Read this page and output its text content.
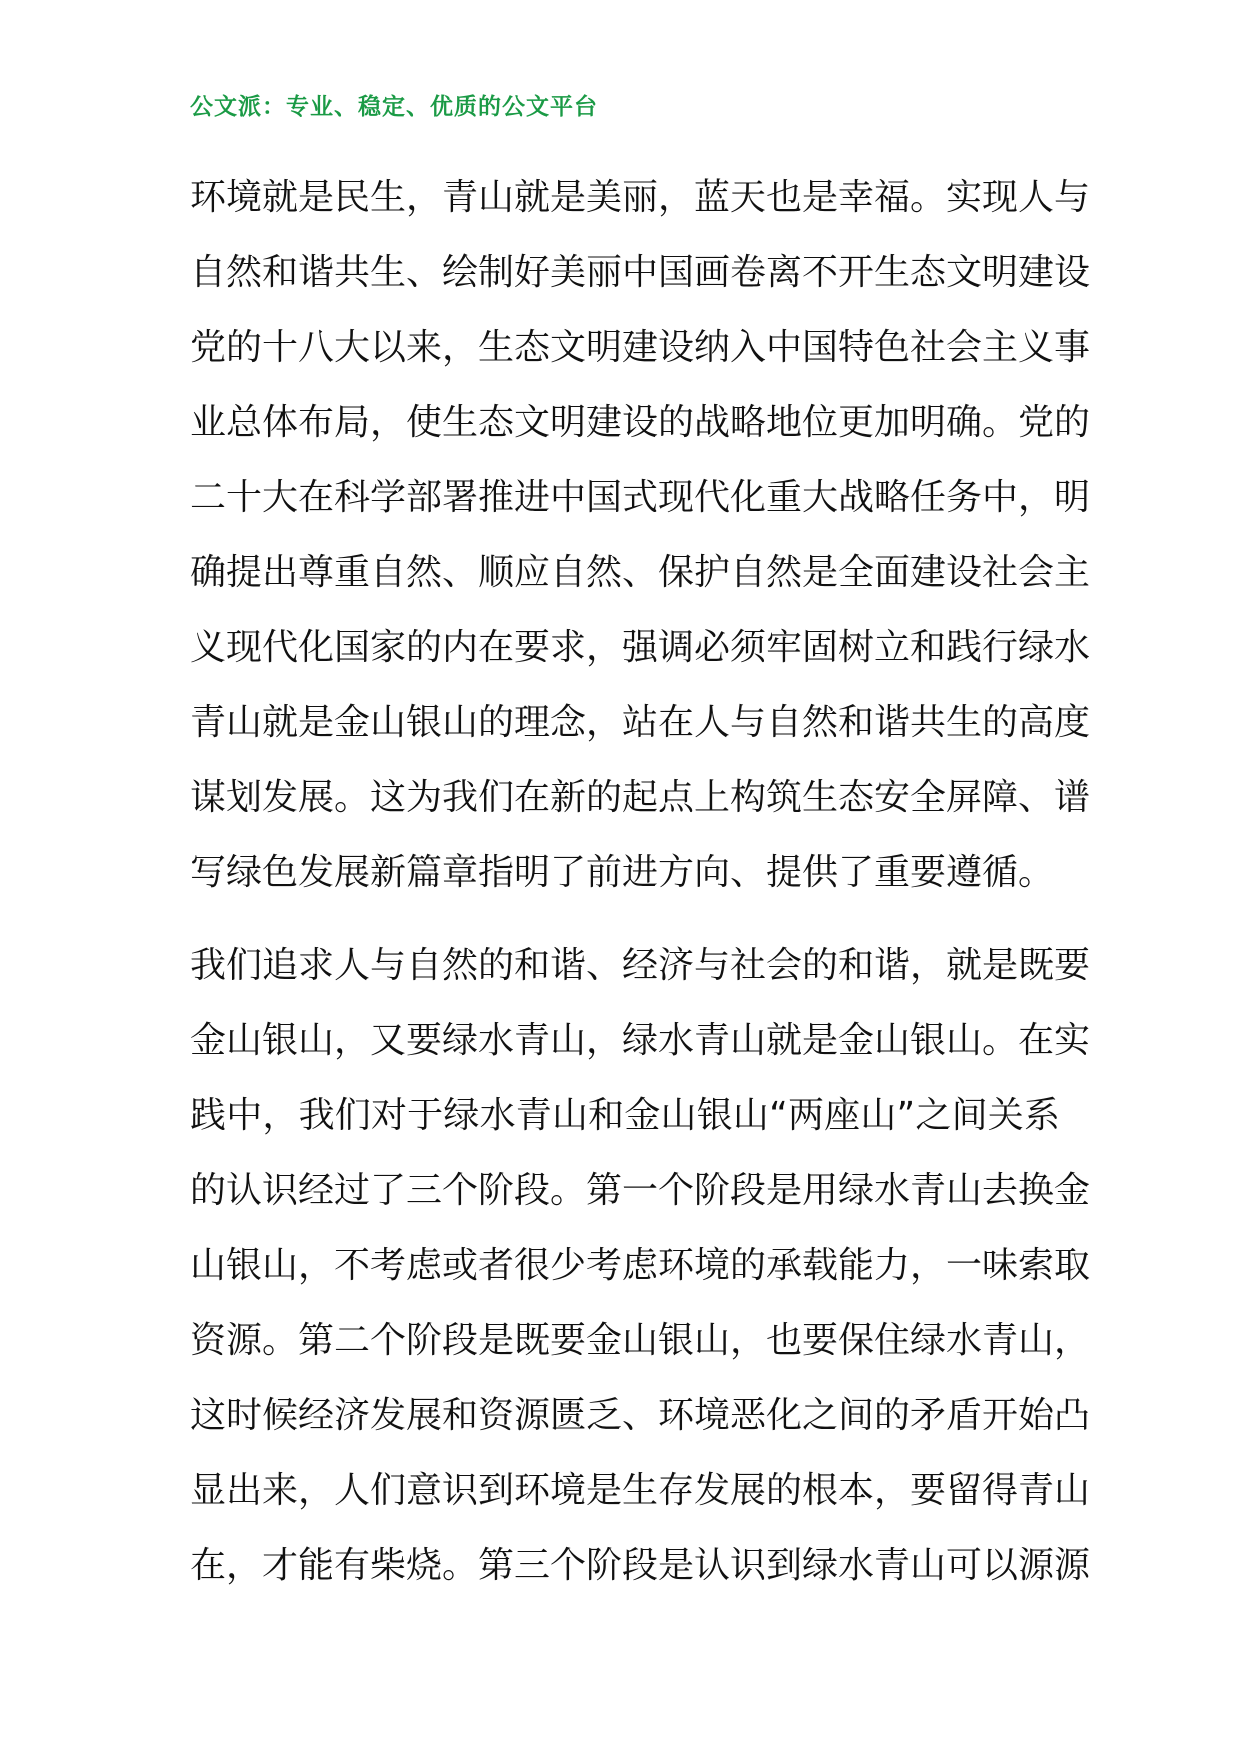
公文派：专业、稳定、优质的公文平台
环境就是民生，青山就是美丽，蓝天也是幸福。实现人与
自然和谐共生、绘制好美丽中国画卷离不开生态文明建设
党的十八大以来，生态文明建设纳入中国特色社会主义事
业总体布局，使生态文明建设的战略地位更加明确。党的
二十大在科学部署推进中国式现代化重大战略任务中，明
确提出尊重自然、顺应自然、保护自然是全面建设社会主
义现代化国家的内在要求，强调必须牢固树立和践行绿水
青山就是金山银山的理念，站在人与自然和谐共生的高度
谋划发展。这为我们在新的起点上构筑生态安全屏障、谱
写绿色发展新篇章指明了前进方向、提供了重要遵循。
我们追求人与自然的和谐、经济与社会的和谐，就是既要
金山银山，又要绿水青山，绿水青山就是金山银山。在实
践中，我们对于绿水青山和金山银山“两座山”之间关系
的认识经过了三个阶段。第一个阶段是用绿水青山去换金
山银山，不考虑或者很少考虑环境的承载能力，一味索取
资源。第二个阶段是既要金山银山，也要保住绿水青山，
这时候经济发展和资源匮乏、环境恶化之间的矛盾开始凸
显出来，人们意识到环境是生存发展的根本，要留得青山
在，才能有柴烧。第三个阶段是认识到绿水青山可以源源
